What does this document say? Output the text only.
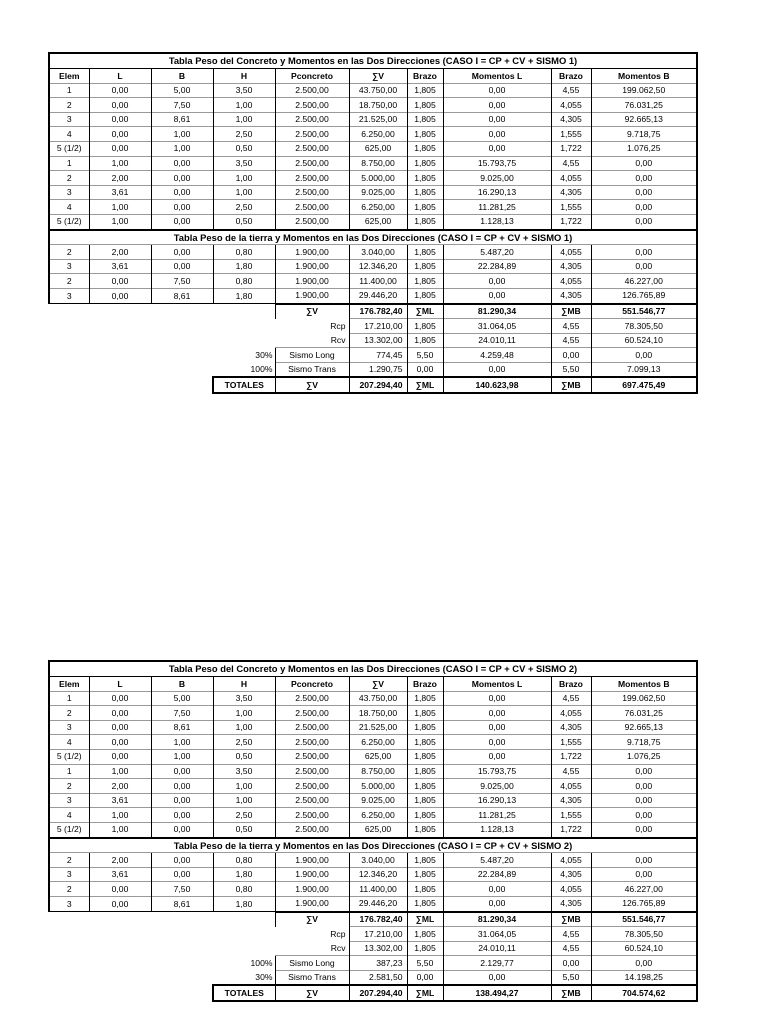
Tabla Peso del Concreto y Momentos en las Dos Direcciones (CASO I = CP + CV + SISMO 1)									
Elem	L	B	H	Pconcreto	∑V	Brazo	Momentos L	Brazo	Momentos B
1	0,00	5,00	3,50	2.500,00	43.750,00	1,805	0,00	4,55	199.062,50
2	0,00	7,50	1,00	2.500,00	18.750,00	1,805	0,00	4,055	76.031,25
3	0,00	8,61	1,00	2.500,00	21.525,00	1,805	0,00	4,305	92.665,13
4	0,00	1,00	2,50	2.500,00	6.250,00	1,805	0,00	1,555	9.718,75
5 (1/2)	0,00	1,00	0,50	2.500,00	625,00	1,805	0,00	1,722	1.076,25
1	1,00	0,00	3,50	2.500,00	8.750,00	1,805	15.793,75	4,55	0,00
2	2,00	0,00	1,00	2.500,00	5.000,00	1,805	9.025,00	4,055	0,00
3	3,61	0,00	1,00	2.500,00	9.025,00	1,805	16.290,13	4,305	0,00
4	1,00	0,00	2,50	2.500,00	6.250,00	1,805	11.281,25	1,555	0,00
5 (1/2)	1,00	0,00	0,50	2.500,00	625,00	1,805	1.128,13	1,722	0,00
Tabla Peso de la tierra y Momentos en las Dos Direcciones (CASO I = CP + CV + SISMO 1)									
2	2,00	0,00	0,80	1.900,00	3.040,00	1,805	5.487,20	4,055	0,00
3	3,61	0,00	1,80	1.900,00	12.346,20	1,805	22.284,89	4,305	0,00
2	0,00	7,50	0,80	1.900,00	11.400,00	1,805	0,00	4,055	46.227,00
3	0,00	8,61	1,80	1.900,00	29.446,20	1,805	0,00	4,305	126.765,89
				∑V	176.782,40	∑ML	81.290,34	∑MB	551.546,77
				Rcp	17.210,00	1,805	31.064,05	4,55	78.305,50
				Rcv	13.302,00	1,805	24.010,11	4,55	60.524,10
			30%	Sismo Long	774,45	5,50	4.259,48	0,00	0,00
			100%	Sismo Trans	1.290,75	0,00	0,00	5,50	7.099,13
			TOTALES	∑V	207.294,40	∑ML	140.623,98	∑MB	697.475,49
Tabla Peso del Concreto y Momentos en las Dos Direcciones (CASO I = CP + CV + SISMO 2)									
Elem	L	B	H	Pconcreto	∑V	Brazo	Momentos L	Brazo	Momentos B
1	0,00	5,00	3,50	2.500,00	43.750,00	1,805	0,00	4,55	199.062,50
2	0,00	7,50	1,00	2.500,00	18.750,00	1,805	0,00	4,055	76.031,25
3	0,00	8,61	1,00	2.500,00	21.525,00	1,805	0,00	4,305	92.665,13
4	0,00	1,00	2,50	2.500,00	6.250,00	1,805	0,00	1,555	9.718,75
5 (1/2)	0,00	1,00	0,50	2.500,00	625,00	1,805	0,00	1,722	1.076,25
1	1,00	0,00	3,50	2.500,00	8.750,00	1,805	15.793,75	4,55	0,00
2	2,00	0,00	1,00	2.500,00	5.000,00	1,805	9.025,00	4,055	0,00
3	3,61	0,00	1,00	2.500,00	9.025,00	1,805	16.290,13	4,305	0,00
4	1,00	0,00	2,50	2.500,00	6.250,00	1,805	11.281,25	1,555	0,00
5 (1/2)	1,00	0,00	0,50	2.500,00	625,00	1,805	1.128,13	1,722	0,00
Tabla Peso de la tierra y Momentos en las Dos Direcciones (CASO I = CP + CV + SISMO 2)									
2	2,00	0,00	0,80	1.900,00	3.040,00	1,805	5.487,20	4,055	0,00
3	3,61	0,00	1,80	1.900,00	12.346,20	1,805	22.284,89	4,305	0,00
2	0,00	7,50	0,80	1.900,00	11.400,00	1,805	0,00	4,055	46.227,00
3	0,00	8,61	1,80	1.900,00	29.446,20	1,805	0,00	4,305	126.765,89
				∑V	176.782,40	∑ML	81.290,34	∑MB	551.546,77
				Rcp	17.210,00	1,805	31.064,05	4,55	78.305,50
				Rcv	13.302,00	1,805	24.010,11	4,55	60.524,10
			100%	Sismo Long	387,23	5,50	2.129,77	0,00	0,00
			30%	Sismo Trans	2.581,50	0,00	0,00	5,50	14.198,25
			TOTALES	∑V	207.294,40	∑ML	138.494,27	∑MB	704.574,62
